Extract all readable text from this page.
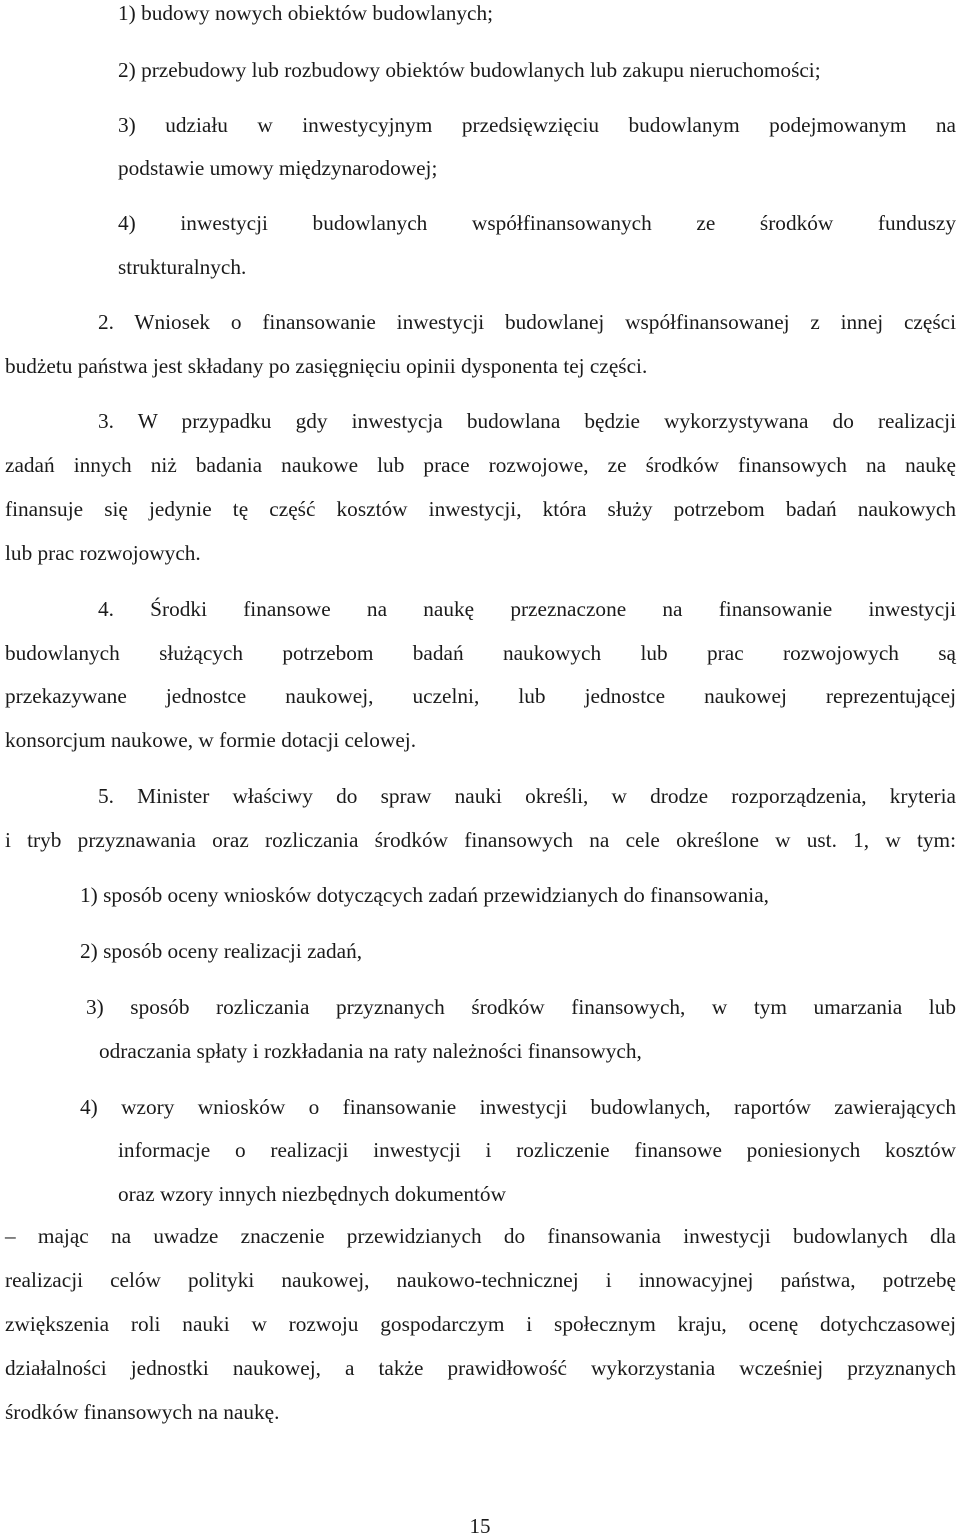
1) budowy nowych obiektów budowlanych;
2) przebudowy lub rozbudowy obiektów budowlanych lub zakupu nieruchomości;
3) udziału w inwestycyjnym przedsięwzięciu budowlanym podejmowanym na
podstawie umowy międzynarodowej;
4) inwestycji budowlanych współfinansowanych ze środków funduszy
strukturalnych.
2. Wniosek o finansowanie inwestycji budowlanej współfinansowanej z innej części
budżetu państwa jest składany po zasięgnięciu opinii dysponenta tej części.
3. W przypadku gdy inwestycja budowlana będzie wykorzystywana do realizacji
zadań innych niż badania naukowe lub prace rozwojowe, ze środków finansowych na naukę
finansuje się jedynie tę część kosztów inwestycji, która służy potrzebom badań naukowych
lub prac rozwojowych.
4. Środki finansowe na naukę przeznaczone na finansowanie inwestycji
budowlanych służących potrzebom badań naukowych lub prac rozwojowych są
przekazywane jednostce naukowej, uczelni, lub jednostce naukowej reprezentującej
konsorcjum naukowe, w formie dotacji celowej.
5. Minister właściwy do spraw nauki określi, w drodze rozporządzenia, kryteria
i tryb przyznawania oraz rozliczania środków finansowych na cele określone w ust. 1, w tym:
1) sposób oceny wniosków dotyczących zadań przewidzianych do finansowania,
2) sposób oceny realizacji zadań,
3) sposób rozliczania przyznanych środków finansowych, w tym umarzania lub
odraczania spłaty i rozkładania na raty należności finansowych,
4) wzory wniosków o finansowanie inwestycji budowlanych, raportów zawierających
informacje o realizacji inwestycji i rozliczenie finansowe poniesionych kosztów
oraz wzory innych niezbędnych dokumentów
– mając na uwadze znaczenie przewidzianych do finansowania inwestycji budowlanych dla
realizacji celów polityki naukowej, naukowo-technicznej i innowacyjnej państwa, potrzebę
zwiększenia roli nauki w rozwoju gospodarczym i społecznym kraju, ocenę dotychczasowej
działalności jednostki naukowej, a także prawidłowość wykorzystania wcześniej przyznanych
środków finansowych na naukę.
15
